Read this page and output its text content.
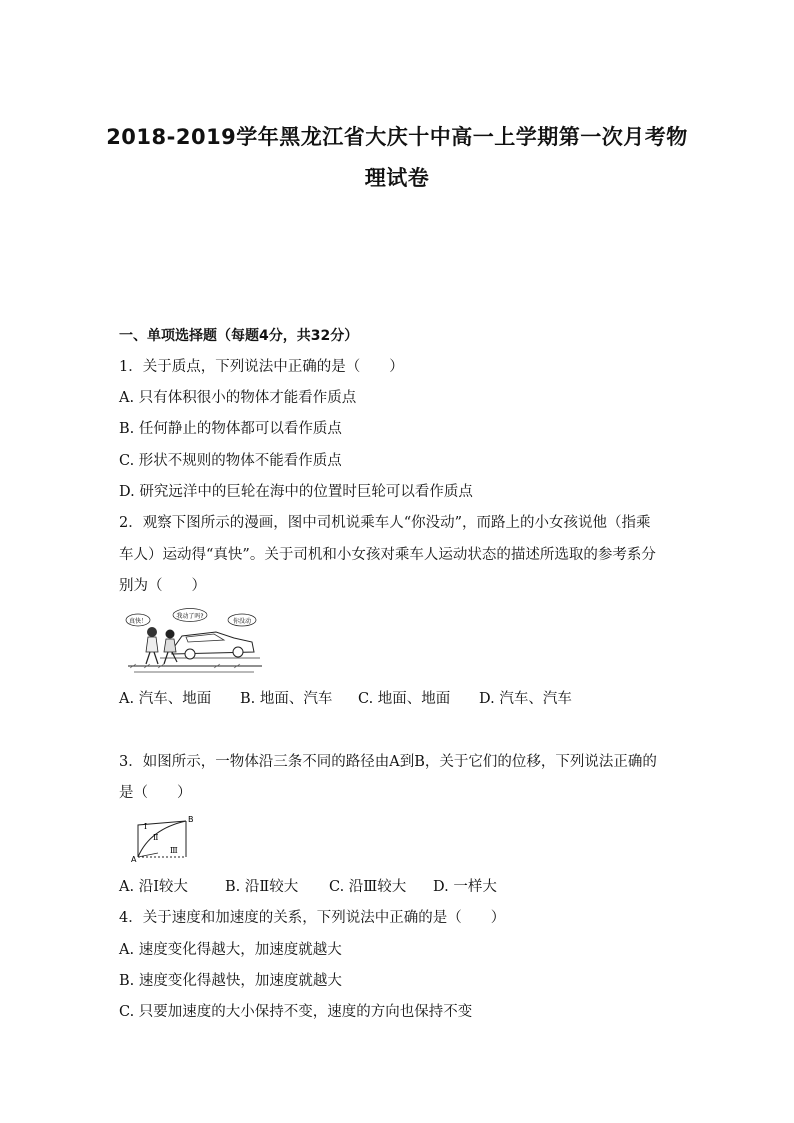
2018-2019学年黑龙江省大庆十中高一上学期第一次月考物
理试卷
一、单项选择题（每题4分，共32分）
1．关于质点，下列说法中正确的是（　　）
A. 只有体积很小的物体才能看作质点
B. 任何静止的物体都可以看作质点
C. 形状不规则的物体不能看作质点
D. 研究远洋中的巨轮在海中的位置时巨轮可以看作质点
2．观察下图所示的漫画，图中司机说乘车人“你没动”，而路上的小女孩说他（指乘
车人）运动得“真快”。关于司机和小女孩对乘车人运动状态的描述所选取的参考系分
别为（　　）
真快！
我动了吗?
你没动
A. 汽车、地面 B. 地面、汽车 C. 地面、地面 D. 汽车、汽车
3．如图所示，一物体沿三条不同的路径由A到B，关于它们的位移，下列说法正确的
是（　　）
A
B
Ⅰ
Ⅱ
Ⅲ
A. 沿Ⅰ较大	B. 沿Ⅱ较大 C. 沿Ⅲ较大 D. 一样大
4．关于速度和加速度的关系，下列说法中正确的是（　　）
A. 速度变化得越大，加速度就越大
B. 速度变化得越快，加速度就越大
C. 只要加速度的大小保持不变，速度的方向也保持不变
